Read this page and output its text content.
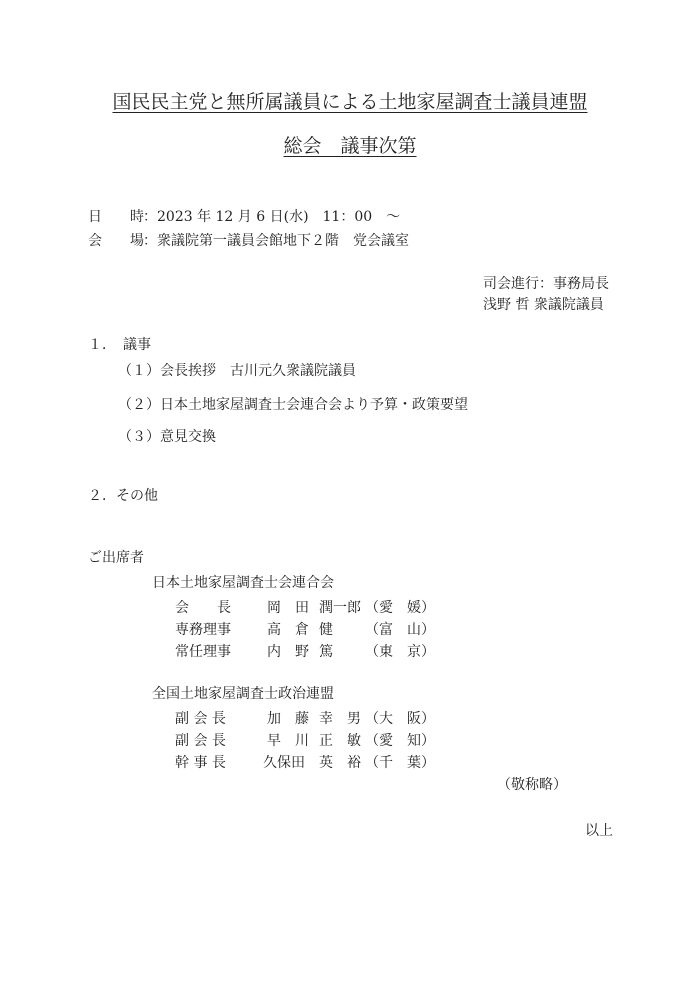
国民民主党と無所属議員による土地家屋調査士議員連盟
総会　議事次第
日　　時：2023 年 12 月 6 日(水)　11：00　～
会　　場：衆議院第一議員会館地下２階　党会議室
司会進行：事務局長
浅野 哲 衆議院議員
１．　議事
（１）会長挨拶　古川元久衆議院議員
（２）日本土地家屋調査士会連合会より予算・政策要望
（３）意見交換
２．その他
ご出席者
日本土地家屋調査士会連合会
会　　長	岡 田 潤一郎 （愛　媛）
専務理事	高 倉 健 （富　山）
常任理事	内 野 篤 （東　京）
全国土地家屋調査士政治連盟
副 会 長	加 藤 幸　男 （大　阪）
副 会 長	早 川 正　敏 （愛　知）
幹 事 長	久保田 英　裕 （千　葉）
（敬称略）
以上
